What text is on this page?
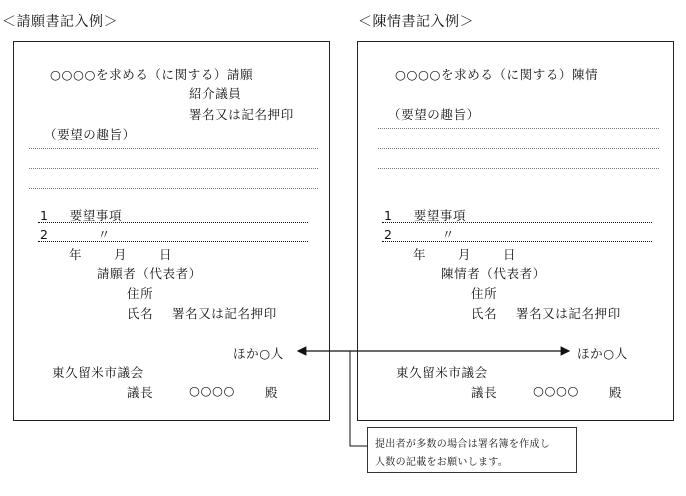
＜請願書記入例＞	＜陳情書記入例＞
○○○○を求める（に関する）請願
紹介議員
署名又は記名押印
（要望の趣旨）
1 要望事項
2	〃
年	月	日
請願者（代表者）
住所
氏名 署名又は記名押印
ほか○人
東久留米市議会
議長	○○○○ 殿
○○○○を求める（に関する）陳情
（要望の趣旨）
1 要望事項
2	〃
年	月	日
陳情者（代表者）
住所
氏名 署名又は記名押印
ほか○人
東久留米市議会
議長	○○○○ 殿
提出者が多数の場合は署名簿を作成し
人数の記載をお願いします。
